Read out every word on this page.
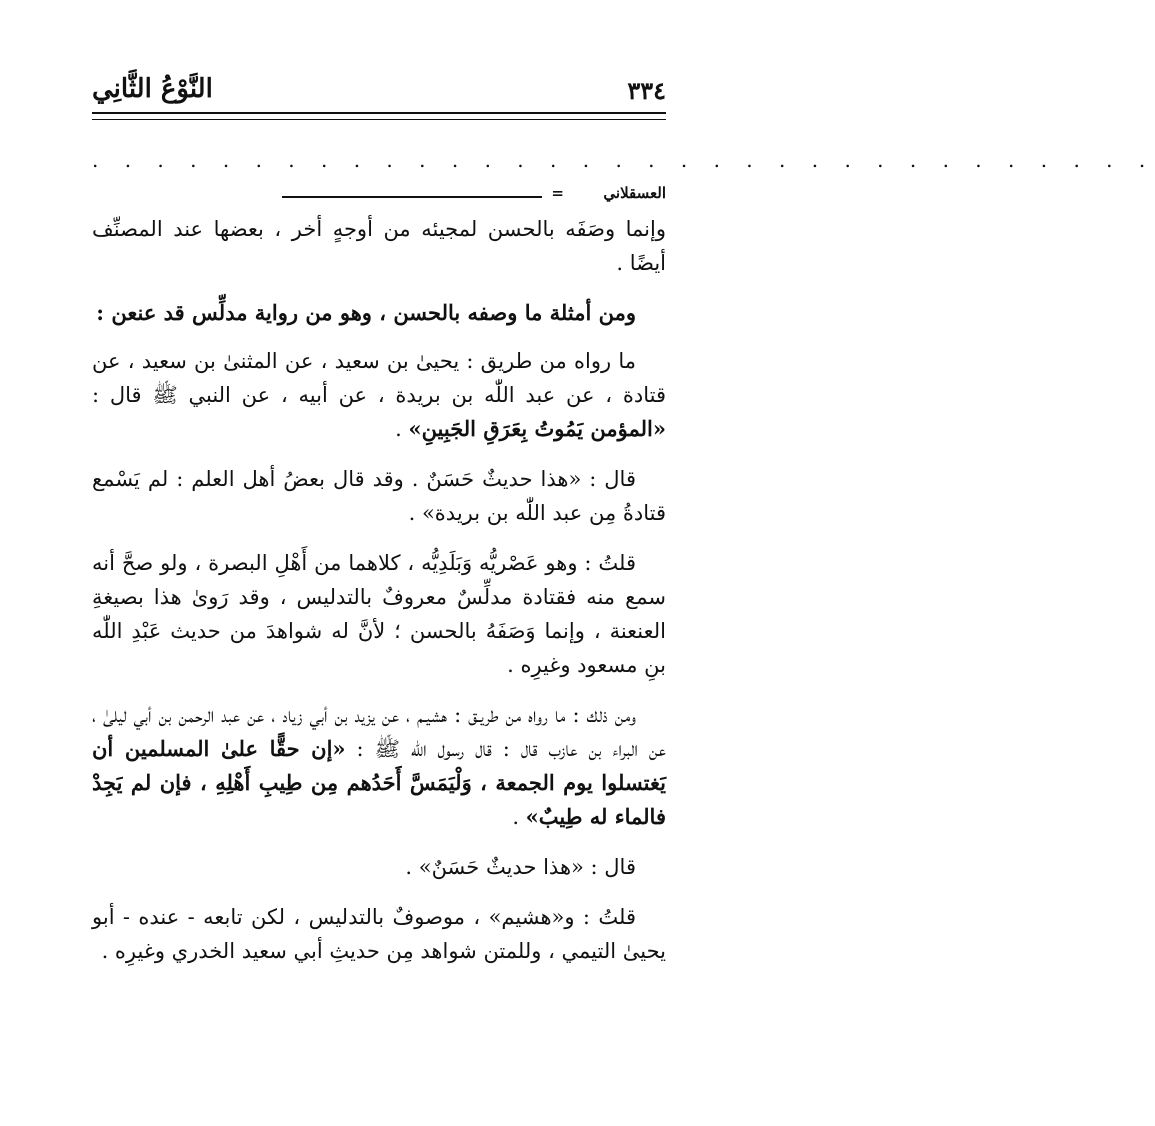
٣٣٤
النَّوْعُ الثَّانِي
. . . . . . . . . . . . . . . . . . . . . . . . . . . . . . . . .
العسقلاني
=

وإنما وصَفَه بالحسن لمجيئه من أوجهٍ أخر ، بعضها عند المصنِّف أيضًا .

ومن أمثلة ما وصفه بالحسن ، وهو من رواية مدلِّس قد عنعن :

ما رواه من طريق : يحيىٰ بن سعيد ، عن المثنىٰ بن سعيد ، عن قتادة ، عن عبد اللّٰه بن بريدة ، عن أبيه ، عن النبي ﷺ قال : «المؤمن يَمُوتُ بِعَرَقِ الجَبِينِ» .

قال : «هذا حديثٌ حَسَنٌ . وقد قال بعضُ أهل العلم : لم يَسْمع قتادةُ مِن عبد اللّٰه بن بريدة» .

قلتُ : وهو عَصْريُّه وَبَلَدِيُّه ، كلاهما من أَهْلِ البصرة ، ولو صحَّ أنه سمع منه فقتادة مدلِّسٌ معروفٌ بالتدليس ، وقد رَوىٰ هذا بصيغةِ العنعنة ، وإنما وَصَفَهُ بالحسن ؛ لأنَّ له شواهدَ من حديث عَبْدِ اللّٰه بنِ مسعود وغيرِه .

ومن ذلك : ما رواه من طريـق : هشيـم ، عن يزيد بن أبي زياد ، عن عبد الرحمن بن أبي ليلىٰ ، عن البراء بن عازب قال : قال رسول اللّٰه ﷺ : «إن حقًّا علىٰ المسلمين أن يَغتسلوا يوم الجمعة ، وَلْيَمَسَّ أَحَدُهم مِن طِيبِ أَهْلِهِ ، فإن لم يَجِدْ فالماء له طِيبٌ» .

قال : «هذا حديثٌ حَسَنٌ» .

قلتُ : و«هشيم» ، موصوفٌ بالتدليس ، لكن تابعه - عنده - أبو يحيىٰ التيمي ، وللمتن شواهد مِن حديثِ أبي سعيد الخدري وغيرِه .
